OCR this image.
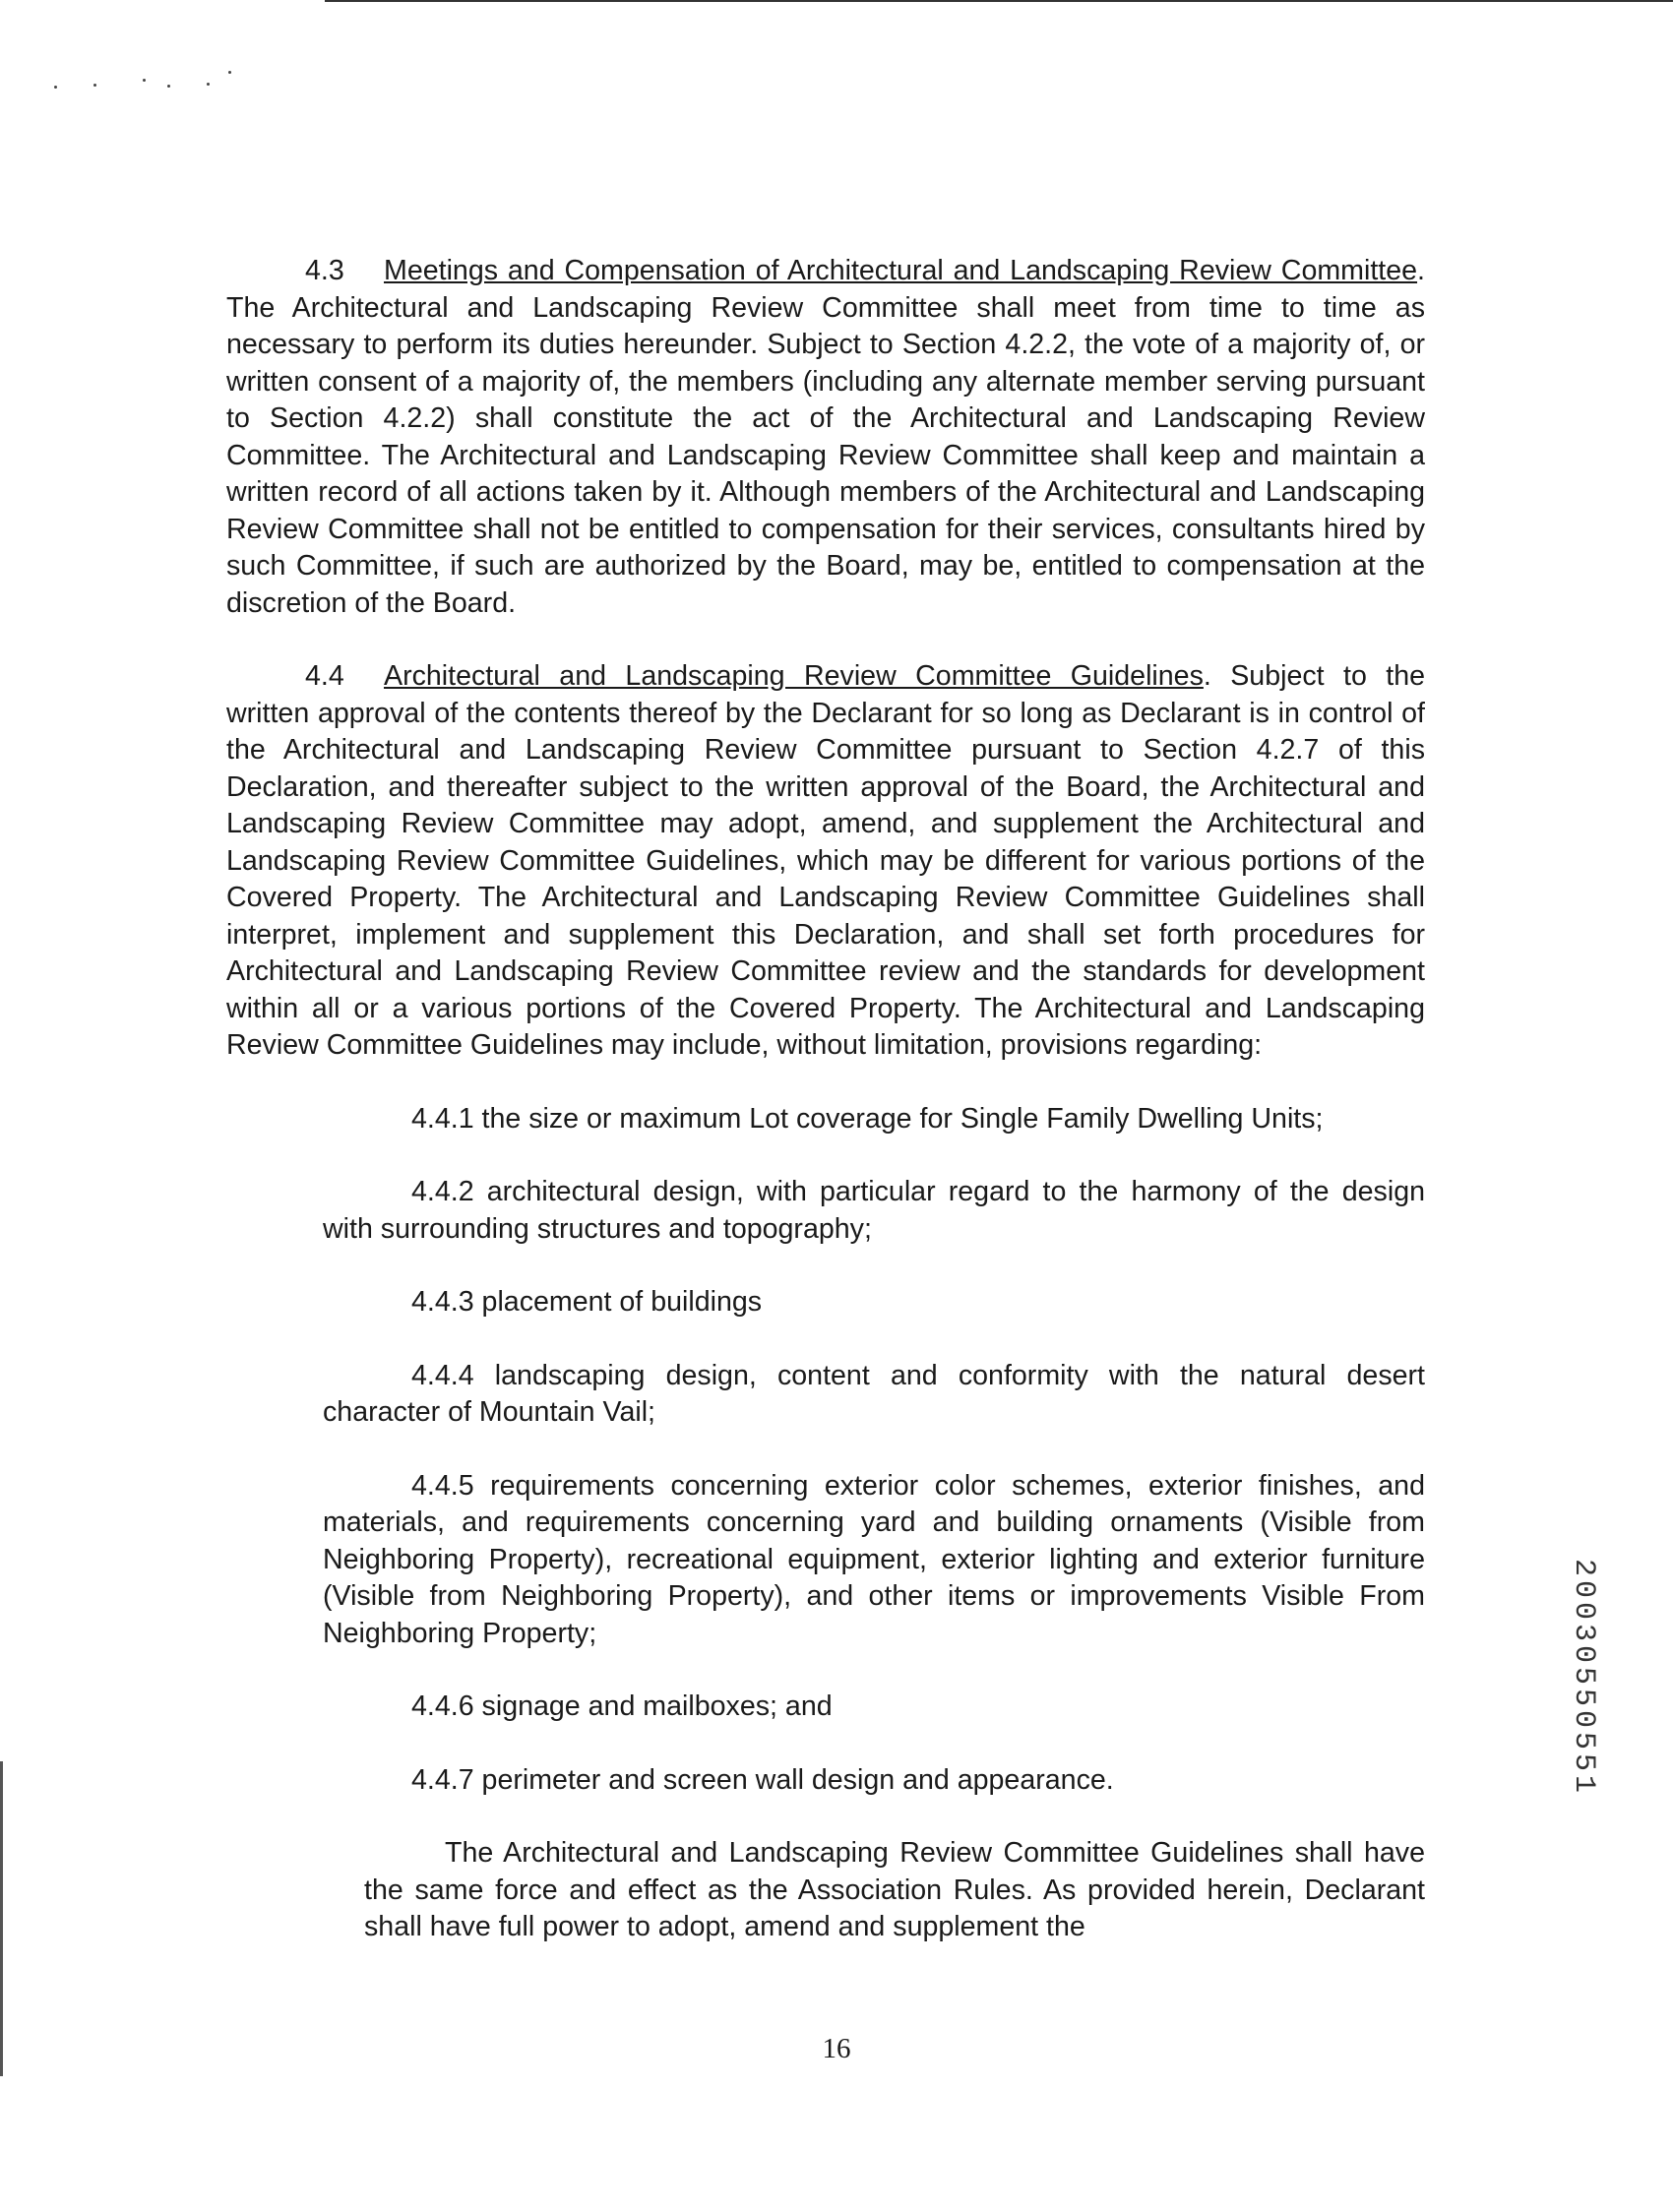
4.3 Meetings and Compensation of Architectural and Landscaping Review Committee. The Architectural and Landscaping Review Committee shall meet from time to time as necessary to perform its duties hereunder. Subject to Section 4.2.2, the vote of a majority of, or written consent of a majority of, the members (including any alternate member serving pursuant to Section 4.2.2) shall constitute the act of the Architectural and Landscaping Review Committee. The Architectural and Landscaping Review Committee shall keep and maintain a written record of all actions taken by it. Although members of the Architectural and Landscaping Review Committee shall not be entitled to compensation for their services, consultants hired by such Committee, if such are authorized by the Board, may be, entitled to compensation at the discretion of the Board.

4.4 Architectural and Landscaping Review Committee Guidelines. Subject to the written approval of the contents thereof by the Declarant for so long as Declarant is in control of the Architectural and Landscaping Review Committee pursuant to Section 4.2.7 of this Declaration, and thereafter subject to the written approval of the Board, the Architectural and Landscaping Review Committee may adopt, amend, and supplement the Architectural and Landscaping Review Committee Guidelines, which may be different for various portions of the Covered Property. The Architectural and Landscaping Review Committee Guidelines shall interpret, implement and supplement this Declaration, and shall set forth procedures for Architectural and Landscaping Review Committee review and the standards for development within all or a various portions of the Covered Property. The Architectural and Landscaping Review Committee Guidelines may include, without limitation, provisions regarding:

4.4.1 the size or maximum Lot coverage for Single Family Dwelling Units;

4.4.2 architectural design, with particular regard to the harmony of the design with surrounding structures and topography;

4.4.3 placement of buildings

4.4.4 landscaping design, content and conformity with the natural desert character of Mountain Vail;

4.4.5 requirements concerning exterior color schemes, exterior finishes, and materials, and requirements concerning yard and building ornaments (Visible from Neighboring Property), recreational equipment, exterior lighting and exterior furniture (Visible from Neighboring Property), and other items or improvements Visible From Neighboring Property;

4.4.6 signage and mailboxes; and

4.4.7 perimeter and screen wall design and appearance.

The Architectural and Landscaping Review Committee Guidelines shall have the same force and effect as the Association Rules. As provided herein, Declarant shall have full power to adopt, amend and supplement the

20030550551
16
